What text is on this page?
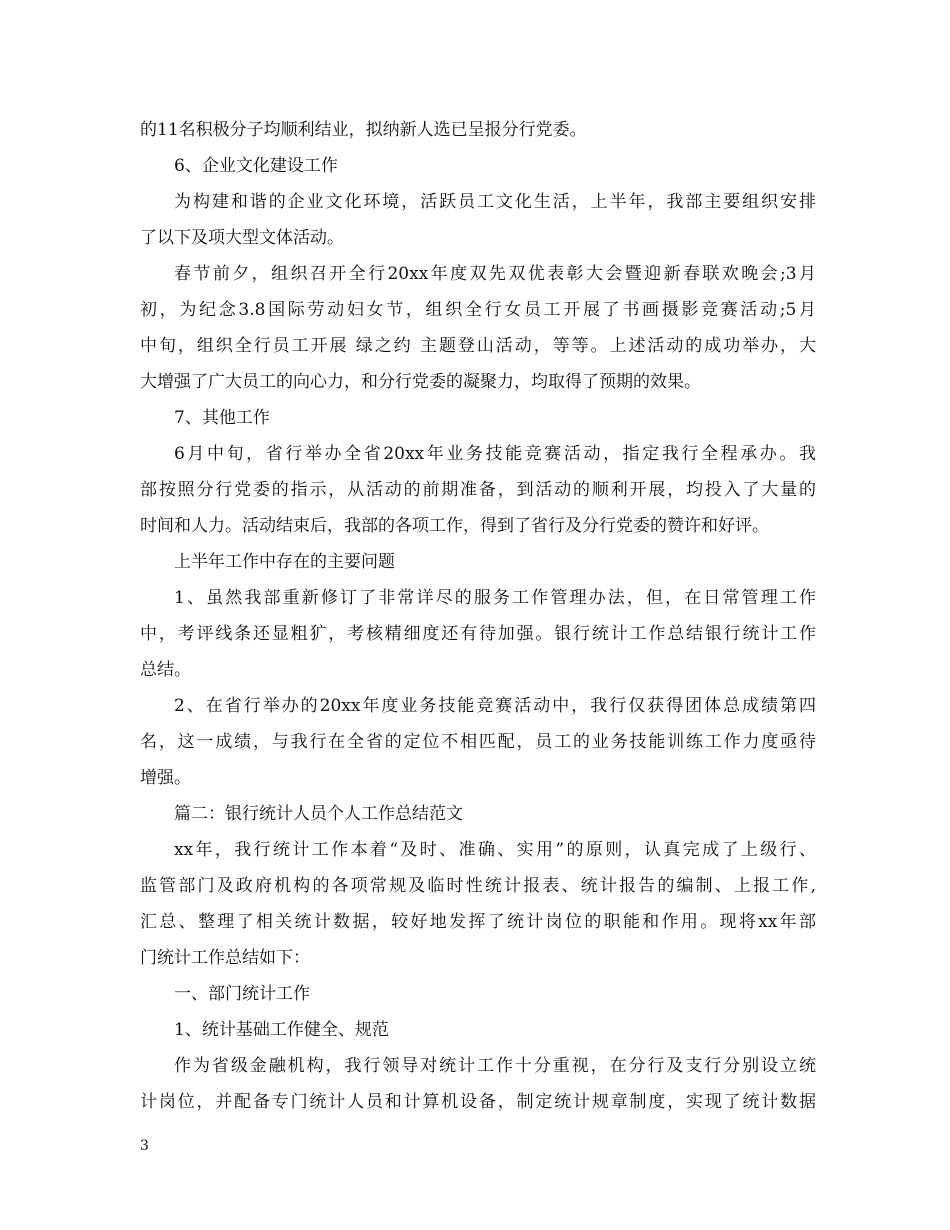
的11名积极分子均顺利结业，拟纳新人选已呈报分行党委。
6、企业文化建设工作
为构建和谐的企业文化环境，活跃员工文化生活，上半年，我部主要组织安排
了以下及项大型文体活动。
春节前夕，组织召开全行20xx年度双先双优表彰大会暨迎新春联欢晚会;3月
初，为纪念3.8国际劳动妇女节，组织全行女员工开展了书画摄影竞赛活动;5月
中旬，组织全行员工开展 绿之约 主题登山活动，等等。上述活动的成功举办，大
大增强了广大员工的向心力，和分行党委的凝聚力，均取得了预期的效果。
7、其他工作
6月中旬，省行举办全省20xx年业务技能竞赛活动，指定我行全程承办。我
部按照分行党委的指示，从活动的前期准备，到活动的顺利开展，均投入了大量的
时间和人力。活动结束后，我部的各项工作，得到了省行及分行党委的赞许和好评。
上半年工作中存在的主要问题
1、虽然我部重新修订了非常详尽的服务工作管理办法，但，在日常管理工作
中，考评线条还显粗犷，考核精细度还有待加强。银行统计工作总结银行统计工作
总结。
2、在省行举办的20xx年度业务技能竞赛活动中，我行仅获得团体总成绩第四
名，这一成绩，与我行在全省的定位不相匹配，员工的业务技能训练工作力度亟待
增强。
篇二：银行统计人员个人工作总结范文
xx年，我行统计工作本着“及时、准确、实用”的原则，认真完成了上级行、
监管部门及政府机构的各项常规及临时性统计报表、统计报告的编制、上报工作,
汇总、整理了相关统计数据，较好地发挥了统计岗位的职能和作用。现将xx年部
门统计工作总结如下：
一、部门统计工作
1、统计基础工作健全、规范
作为省级金融机构，我行领导对统计工作十分重视，在分行及支行分别设立统
计岗位，并配备专门统计人员和计算机设备，制定统计规章制度，实现了统计数据
3
